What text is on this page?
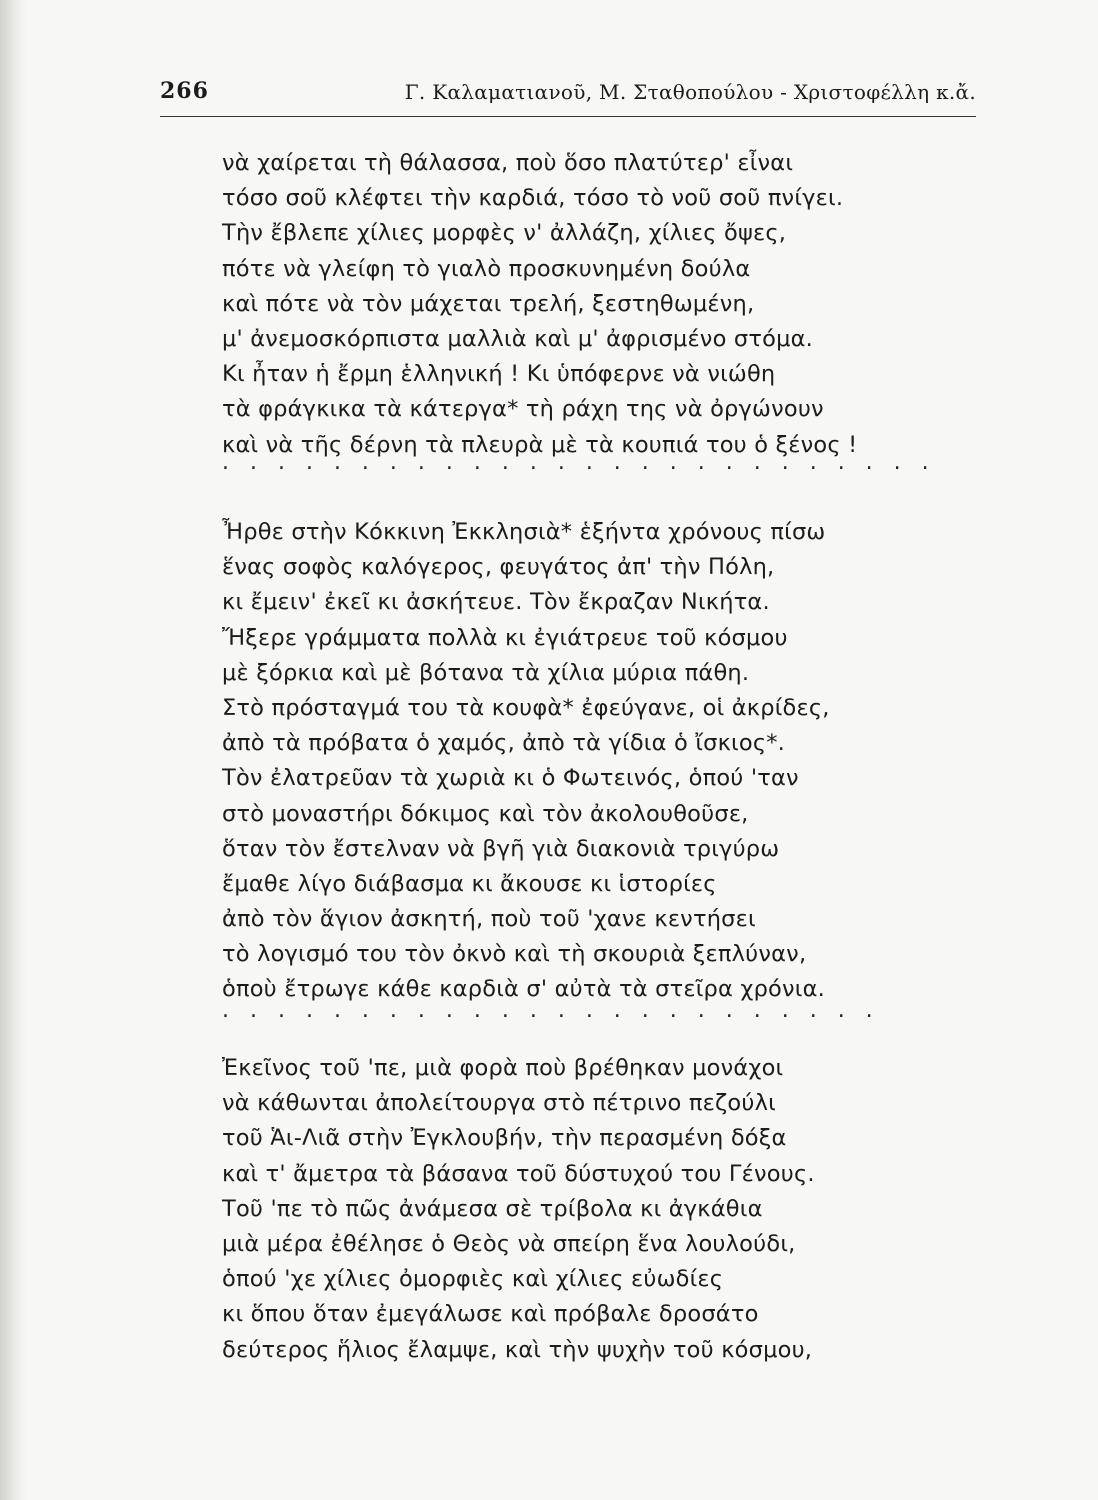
266	Γ. Καλαματιανοῦ, Μ. Σταθοπούλου - Χριστοφέλλη κ.ἄ.
νὰ χαίρεται τὴ θάλασσα, ποὺ ὅσο πλατύτερ' εἶναι
τόσο σοῦ κλέφτει τὴν καρδιά, τόσο τὸ νοῦ σοῦ πνίγει.
Τὴν ἔβλεπε χίλιες μορφὲς ν' ἀλλάζη, χίλιες ὄψες,
πότε νὰ γλείφη τὸ γιαλὸ προσκυνημένη δούλα
καὶ πότε νὰ τὸν μάχεται τρελή, ξεστηθωμένη,
μ' ἀνεμοσκόρπιστα μαλλιὰ καὶ μ' ἀφρισμένο στόμα.
Κι ἦταν ἡ ἔρμη ἑλληνική ! Κι ὑπόφερνε νὰ νιώθη
τὰ φράγκικα τὰ κάτεργα* τὴ ράχη της νὰ ὀργώνουν
καὶ νὰ τῆς δέρνη τὰ πλευρὰ μὲ τὰ κουπιά του ὁ ξένος !
. . . . . . . . . . . . . . . . . . . . . . . . . .
Ἦρθε στὴν Κόκκινη Ἐκκλησιὰ* ἑξήντα χρόνους πίσω
ἕνας σοφὸς καλόγερος, φευγάτος ἀπ' τὴν Πόλη,
κι ἔμειν' ἐκεῖ κι ἀσκήτευε. Τὸν ἔκραζαν Νικήτα.
Ἤξερε γράμματα πολλὰ κι ἐγιάτρευε τοῦ κόσμου
μὲ ξόρκια καὶ μὲ βότανα τὰ χίλια μύρια πάθη.
Στὸ πρόσταγμά του τὰ κουφὰ* ἐφεύγανε, οἱ ἀκρίδες,
ἀπὸ τὰ πρόβατα ὁ χαμός, ἀπὸ τὰ γίδια ὁ ἴσκιος*.
Τὸν ἐλατρεῦαν τὰ χωριὰ κι ὁ Φωτεινός, ὁπού 'ταν
στὸ μοναστήρι δόκιμος καὶ τὸν ἀκολουθοῦσε,
ὅταν τὸν ἔστελναν νὰ βγῆ γιὰ διακονιὰ τριγύρω
ἔμαθε λίγο διάβασμα κι ἄκουσε κι ἱστορίες
ἀπὸ τὸν ἅγιον ἀσκητή, ποὺ τοῦ 'χανε κεντήσει
τὸ λογισμό του τὸν ὀκνὸ καὶ τὴ σκουριὰ ξεπλύναν,
ὁποὺ ἔτρωγε κάθε καρδιὰ σ' αὐτὰ τὰ στεῖρα χρόνια.
. . . . . . . . . . . . . . . . . . . . . . . .
Ἐκεῖνος τοῦ 'πε, μιὰ φορὰ ποὺ βρέθηκαν μονάχοι
νὰ κάθωνται ἀπολείτουργα στὸ πέτρινο πεζούλι
τοῦ Ἁι-Λιᾶ στὴν Ἐγκλουβήν, τὴν περασμένη δόξα
καὶ τ' ἄμετρα τὰ βάσανα τοῦ δύστυχού του Γένους.
Τοῦ 'πε τὸ πῶς ἀνάμεσα σὲ τρίβολα κι ἀγκάθια
μιὰ μέρα ἐθέλησε ὁ Θεὸς νὰ σπείρη ἕνα λουλούδι,
ὁπού 'χε χίλιες ὀμορφιὲς καὶ χίλιες εὐωδίες
κι ὅπου ὅταν ἐμεγάλωσε καὶ πρόβαλε δροσάτο
δεύτερος ἥλιος ἔλαμψε, καὶ τὴν ψυχὴν τοῦ κόσμου,
